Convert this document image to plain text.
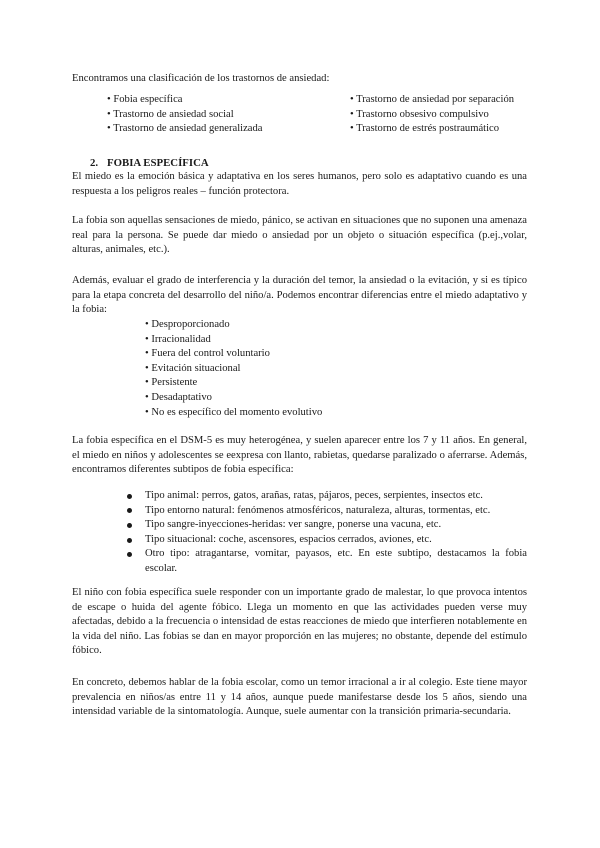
Encontramos una clasificación de los trastornos de ansiedad:
• Fobia específica
• Trastorno de ansiedad social
• Trastorno de ansiedad generalizada
• Trastorno de ansiedad por separación
• Trastorno obsesivo compulsivo
• Trastorno de estrés postraumático
2. FOBIA ESPECÍFICA

El miedo es la emoción básica y adaptativa en los seres humanos, pero solo es adaptativo cuando es una respuesta a los peligros reales – función protectora.

La fobia son aquellas sensaciones de miedo, pánico, se activan en situaciones que no suponen una amenaza real para la persona. Se puede dar miedo o ansiedad por un objeto o situación específica (p.ej.,volar, alturas, animales, etc.).

Además, evaluar el grado de interferencia y la duración del temor, la ansiedad o la evitación, y si es típico para la etapa concreta del desarrollo del niño/a. Podemos encontrar diferencias entre el miedo adaptativo y la fobia:

• Desproporcionado
• Irracionalidad
• Fuera del control voluntario
• Evitación situacional
• Persistente
• Desadaptativo
• No es específico del momento evolutivo

La fobia específica en el DSM-5 es muy heterogénea, y suelen aparecer entre los 7 y 11 años. En general, el miedo en niños y adolescentes se eexpresa con llanto, rabietas, quedarse paralizado o aferrarse. Además, encontramos diferentes subtipos de fobia específica:

Tipo animal: perros, gatos, arañas, ratas, pájaros, peces, serpientes, insectos etc.
Tipo entorno natural: fenómenos atmosféricos, naturaleza, alturas, tormentas, etc.
Tipo sangre-inyecciones-heridas: ver sangre, ponerse una vacuna, etc.
Tipo situacional: coche, ascensores, espacios cerrados, aviones, etc.
Otro tipo: atragantarse, vomitar, payasos, etc. En este subtipo, destacamos la fobia escolar.

El niño con fobia específica suele responder con un importante grado de malestar, lo que provoca intentos de escape o huida del agente fóbico. Llega un momento en que las actividades pueden verse muy afectadas, debido a la frecuencia o intensidad de estas reacciones de miedo que interfieren notablemente en la vida del niño. Las fobias se dan en mayor proporción en las mujeres; no obstante, depende del estímulo fóbico.

En concreto, debemos hablar de la fobia escolar, como un temor irracional a ir al colegio. Este tiene mayor prevalencia en niños/as entre 11 y 14 años, aunque puede manifestarse desde los 5 años, siendo una intensidad variable de la sintomatología. Aunque, suele aumentar con la transición primaria-secundaria.
